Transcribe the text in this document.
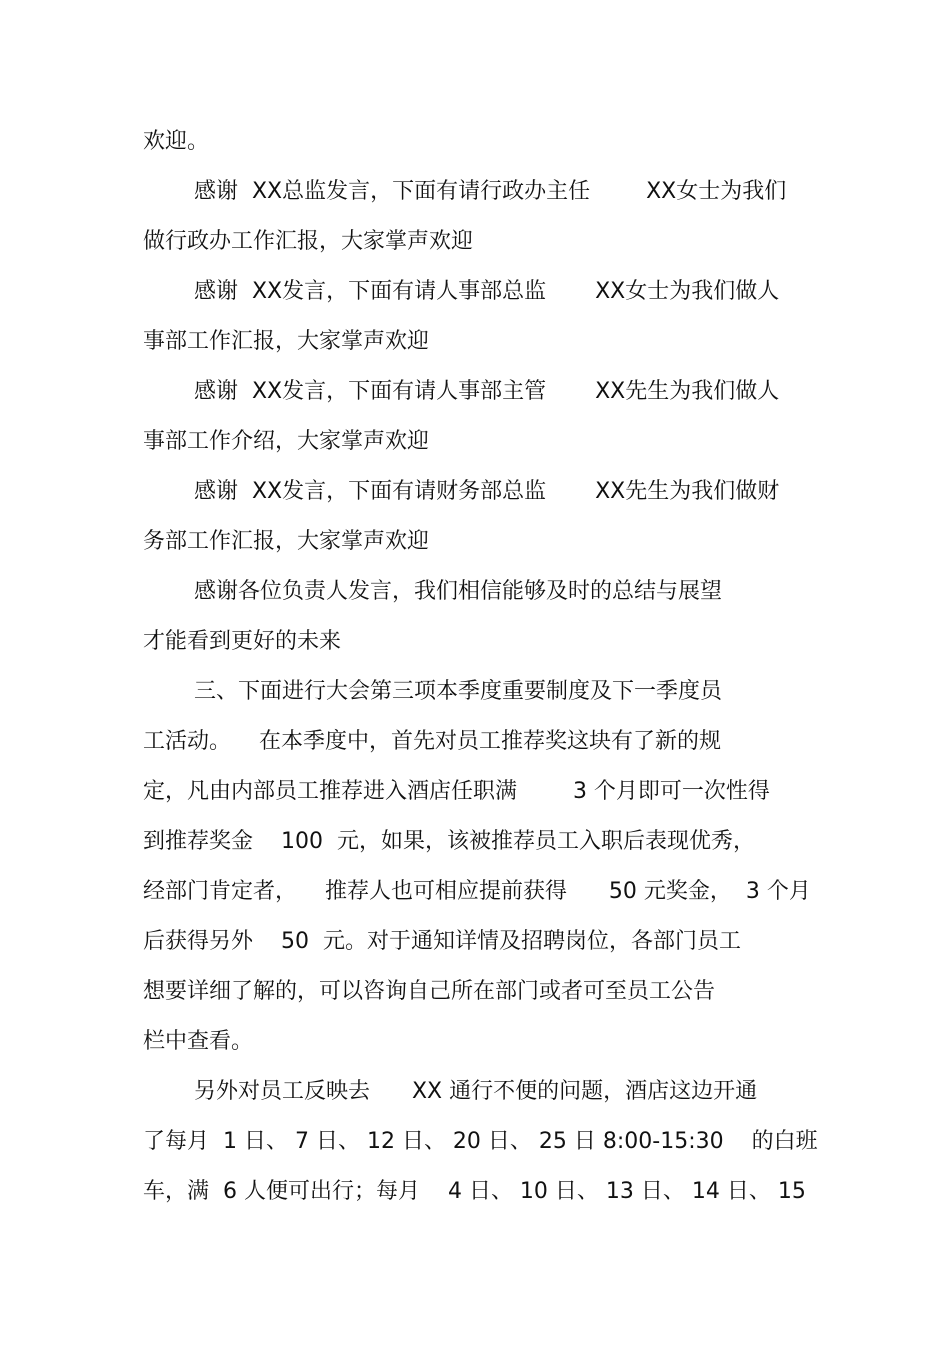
欢迎。
感谢  XX总监发言，下面有请行政办主任        XX女士为我们
做行政办工作汇报，大家掌声欢迎
感谢  XX发言，下面有请人事部总监       XX女士为我们做人
事部工作汇报，大家掌声欢迎
感谢  XX发言，下面有请人事部主管       XX先生为我们做人
事部工作介绍，大家掌声欢迎
感谢  XX发言，下面有请财务部总监       XX先生为我们做财
务部工作汇报，大家掌声欢迎
感谢各位负责人发言，我们相信能够及时的总结与展望
才能看到更好的未来
三、下面进行大会第三项本季度重要制度及下一季度员
工活动。    在本季度中，首先对员工推荐奖这块有了新的规
定，凡由内部员工推荐进入酒店任职满        3 个月即可一次性得
到推荐奖金    100  元，如果，该被推荐员工入职后表现优秀，
经部门肯定者，    推荐人也可相应提前获得      50 元奖金，  3 个月
后获得另外    50  元。对于通知详情及招聘岗位，各部门员工
想要详细了解的，可以咨询自己所在部门或者可至员工公告
栏中查看。
另外对员工反映去      XX 通行不便的问题，酒店这边开通
了每月  1 日、 7 日、 12 日、 20 日、 25 日 8:00-15:30    的白班
车，满  6 人便可出行；每月    4 日、 10 日、 13 日、 14 日、 15
